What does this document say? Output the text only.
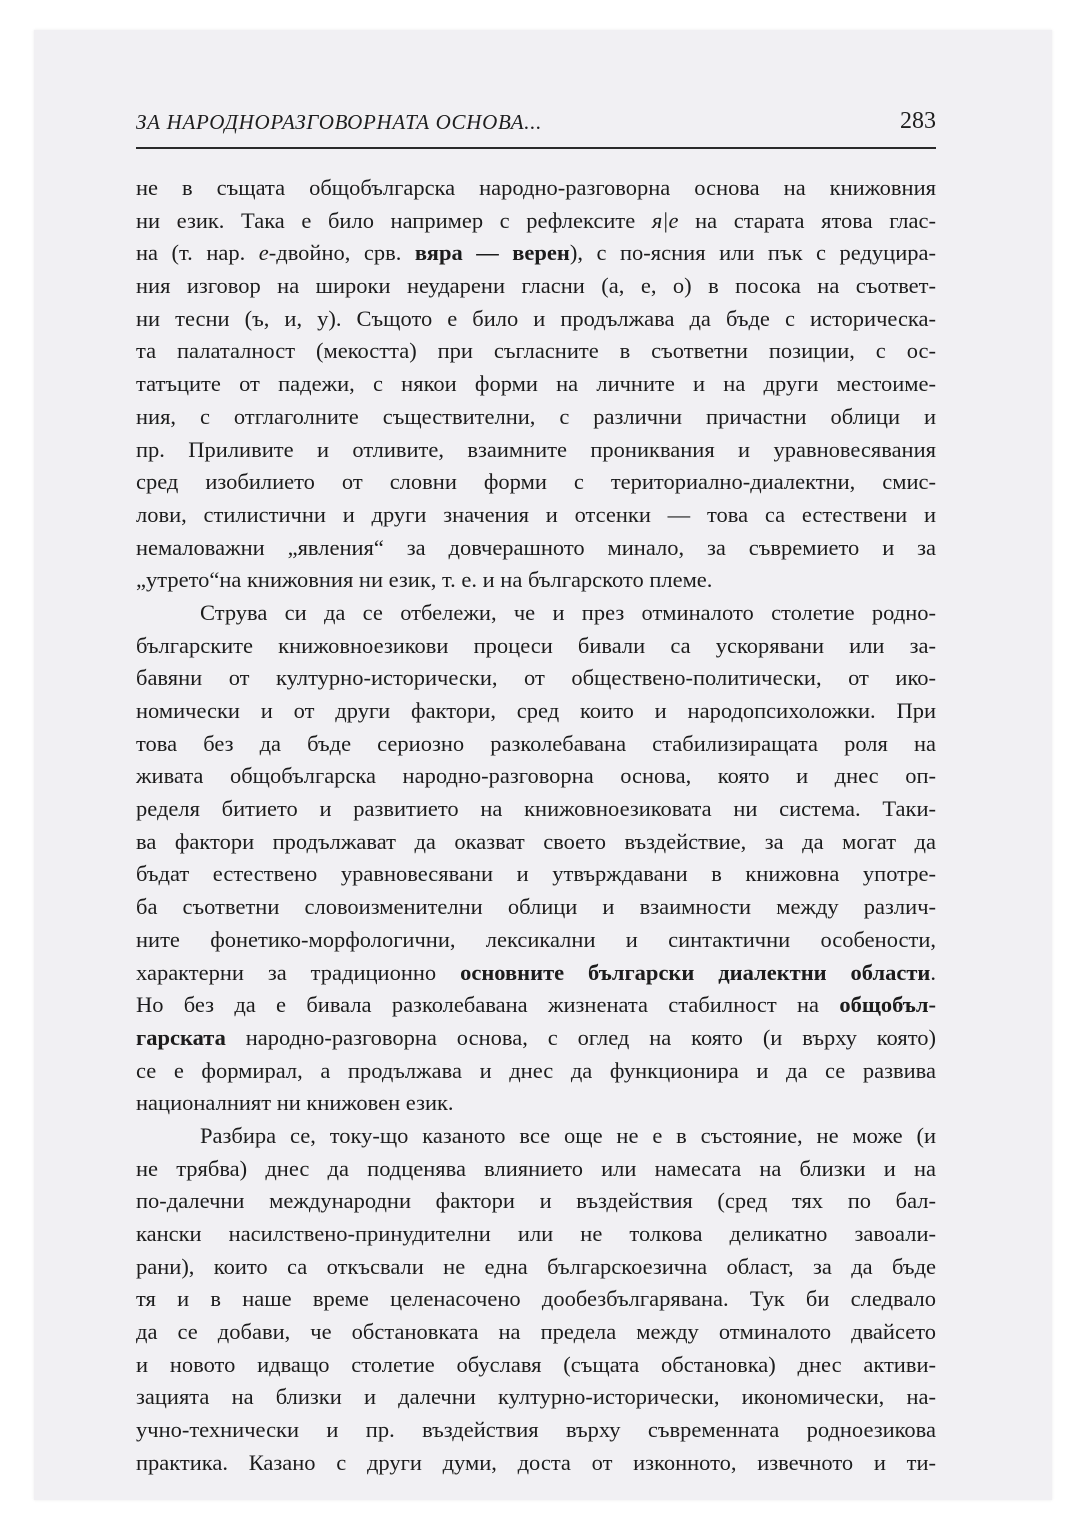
ЗА НАРОДНОРАЗГОВОРНАТА ОСНОВА...	283
не в същата общобългарска народно-разговорна основа на книжовния
ни език. Така е било например с рефлексите я|е на старата ятова глас-
на (т. нар. е-двойно, срв. вяра — верен), с по-ясния или пък с редуцира-
ния изговор на широки неударени гласни (а, е, о) в посока на съответ-
ни тесни (ъ, и, у). Същото е било и продължава да бъде с историческа-
та палаталност (мекостта) при съгласните в съответни позиции, с ос-
татъците от падежи, с някои форми на личните и на други местоиме-
ния, с отглаголните съществителни, с различни причастни облици и
пр. Приливите и отливите, взаимните прониквания и уравновесявания
сред изобилието от словни форми с териториално-диалектни, смис-
лови, стилистични и други значения и отсенки — това са естествени и
немаловажни „явления“ за довчерашното минало, за съвремието и за
„утрето“на книжовния ни език, т. е. и на българското племе.
Струва си да се отбележи, че и през отминалото столетие родно-
българските книжовноезикови процеси бивали са ускорявани или за-
бавяни от културно-исторически, от обществено-политически, от ико-
номически и от други фактори, сред които и народопсихоложки. При
това без да бъде сериозно разколебавана стабилизиращата роля на
живата общобългарска народно-разговорна основа, която и днес оп-
ределя битието и развитието на книжовноезиковата ни система. Таки-
ва фактори продължават да оказват своето въздействие, за да могат да
бъдат естествено уравновесявани и утвърждавани в книжовна употре-
ба съответни словоизменителни облици и взаимности между различ-
ните фонетико-морфологични, лексикални и синтактични особености,
характерни за традиционно основните български диалектни области.
Но без да е бивала разколебавана жизнената стабилност на общобъл-
гарската народно-разговорна основа, с оглед на която (и върху която)
се е формирал, а продължава и днес да функционира и да се развива
националният ни книжовен език.
Разбира се, току-що казаното все още не е в състояние, не може (и
не трябва) днес да подценява влиянието или намесата на близки и на
по-далечни международни фактори и въздействия (сред тях по бал-
кански насилствено-принудителни или не толкова деликатно завоали-
рани), които са откъсвали не една българскоезична област, за да бъде
тя и в наше време целенасочено дообезбългарявана. Тук би следвало
да се добави, че обстановката на предела между отминалото двайсето
и новото идващо столетие обуславя (същата обстановка) днес активи-
зацията на близки и далечни културно-исторически, икономически, на-
учно-технически и пр. въздействия върху съвременната родноезикова
практика. Казано с други думи, доста от изконното, извечното и ти-
